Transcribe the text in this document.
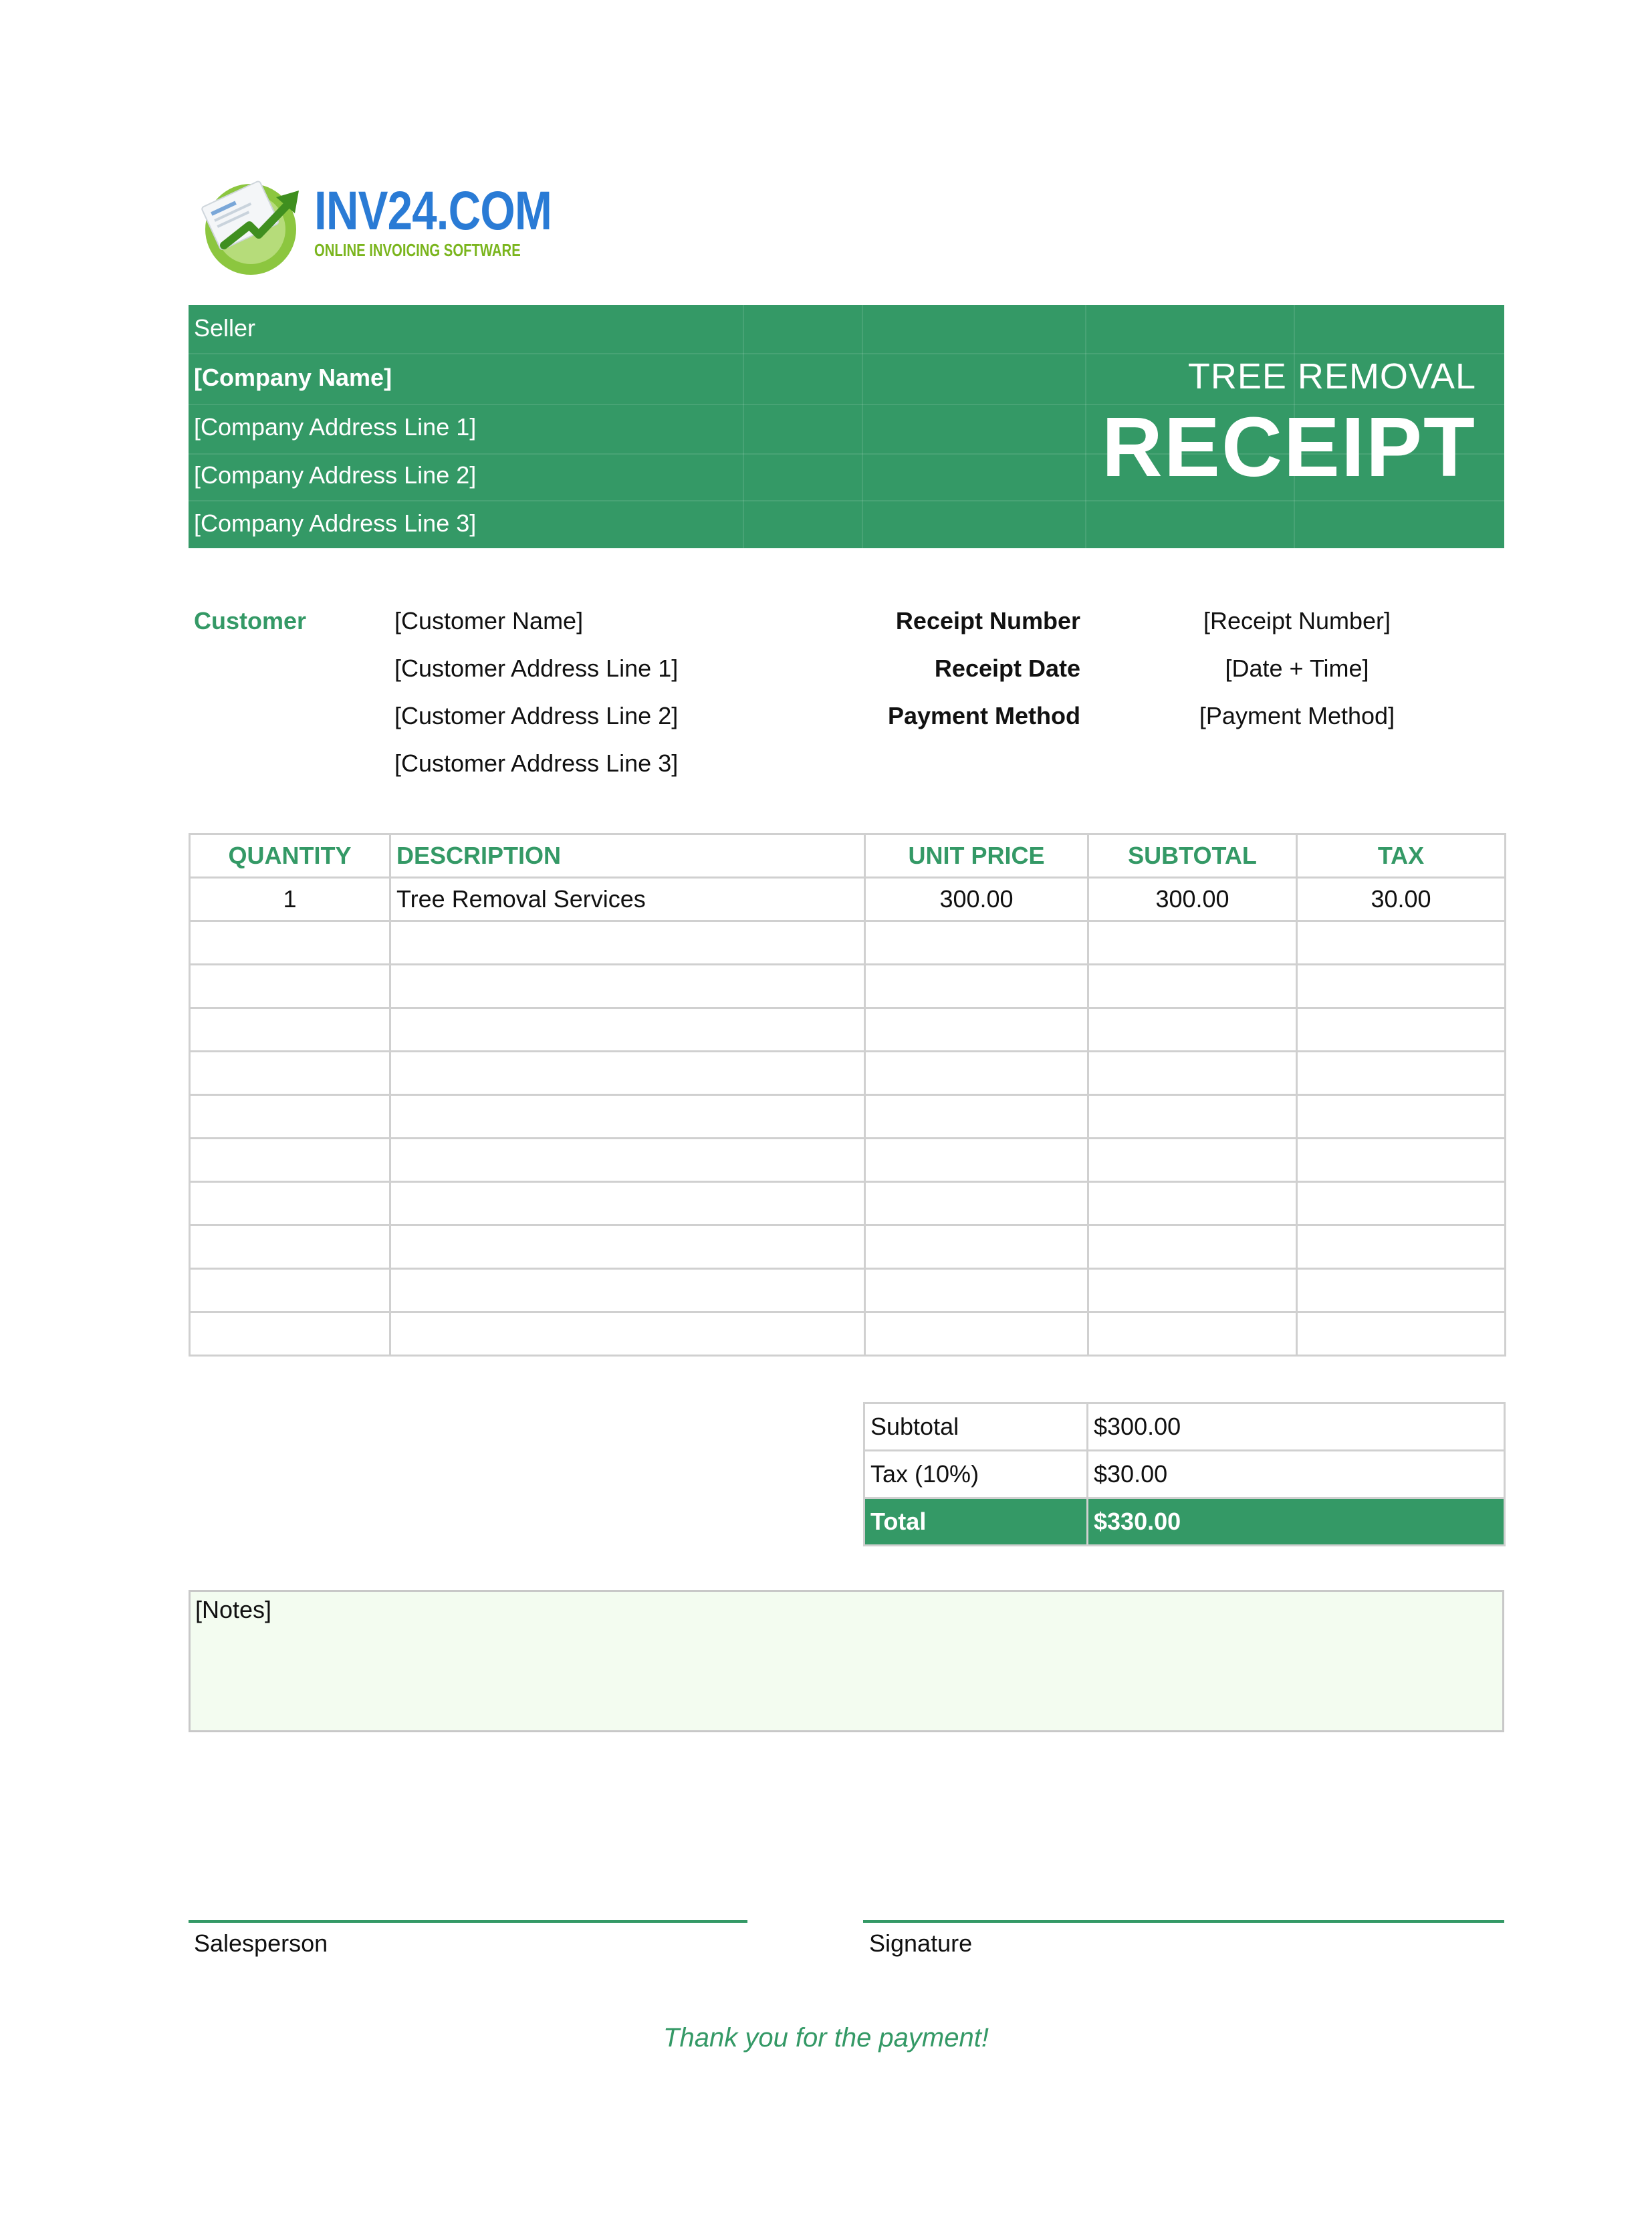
INV24.COM
ONLINE INVOICING SOFTWARE
Seller
[Company Name]
[Company Address Line 1]
[Company Address Line 2]
[Company Address Line 3]
TREE REMOVAL
RECEIPT
Customer	[Customer Name]
[Customer Address Line 1]
[Customer Address Line 2]
[Customer Address Line 3]
Receipt Number	[Receipt Number]
Receipt Date	[Date + Time]
Payment Method	[Payment Method]
QUANTITY	DESCRIPTION	UNIT PRICE	SUBTOTAL	TAX
1	Tree Removal Services	300.00	300.00	30.00

Subtotal	$300.00
Tax (10%)	$30.00
Total	$330.00
[Notes]
Salesperson	Signature
Thank you for the payment!
